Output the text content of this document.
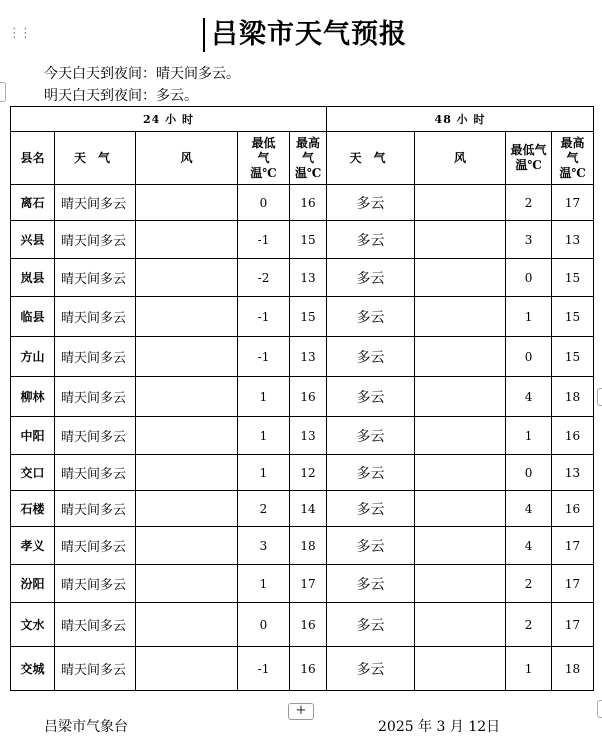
⋮⋮	吕梁市天气预报
今天白天到夜间：晴天间多云。
明天白天到夜间：多云。
24 小 时					48 小 时			
县名	天气	风	最低气温℃	最高气温℃	天气	风	最低气温℃	最高气温℃
离石	晴天间多云		0	16	多云		2	17
兴县	晴天间多云		-1	15	多云		3	13
岚县	晴天间多云		-2	13	多云		0	15
临县	晴天间多云		-1	15	多云		1	15
方山	晴天间多云		-1	13	多云		0	15
柳林	晴天间多云		1	16	多云		4	18
中阳	晴天间多云		1	13	多云		1	16
交口	晴天间多云		1	12	多云		0	13
石楼	晴天间多云		2	14	多云		4	16
孝义	晴天间多云		3	18	多云		4	17
汾阳	晴天间多云		1	17	多云		2	17
文水	晴天间多云		0	16	多云		2	17
交城	晴天间多云		-1	16	多云		1	18
+
吕梁市气象台	2025 年 3 月 12日
